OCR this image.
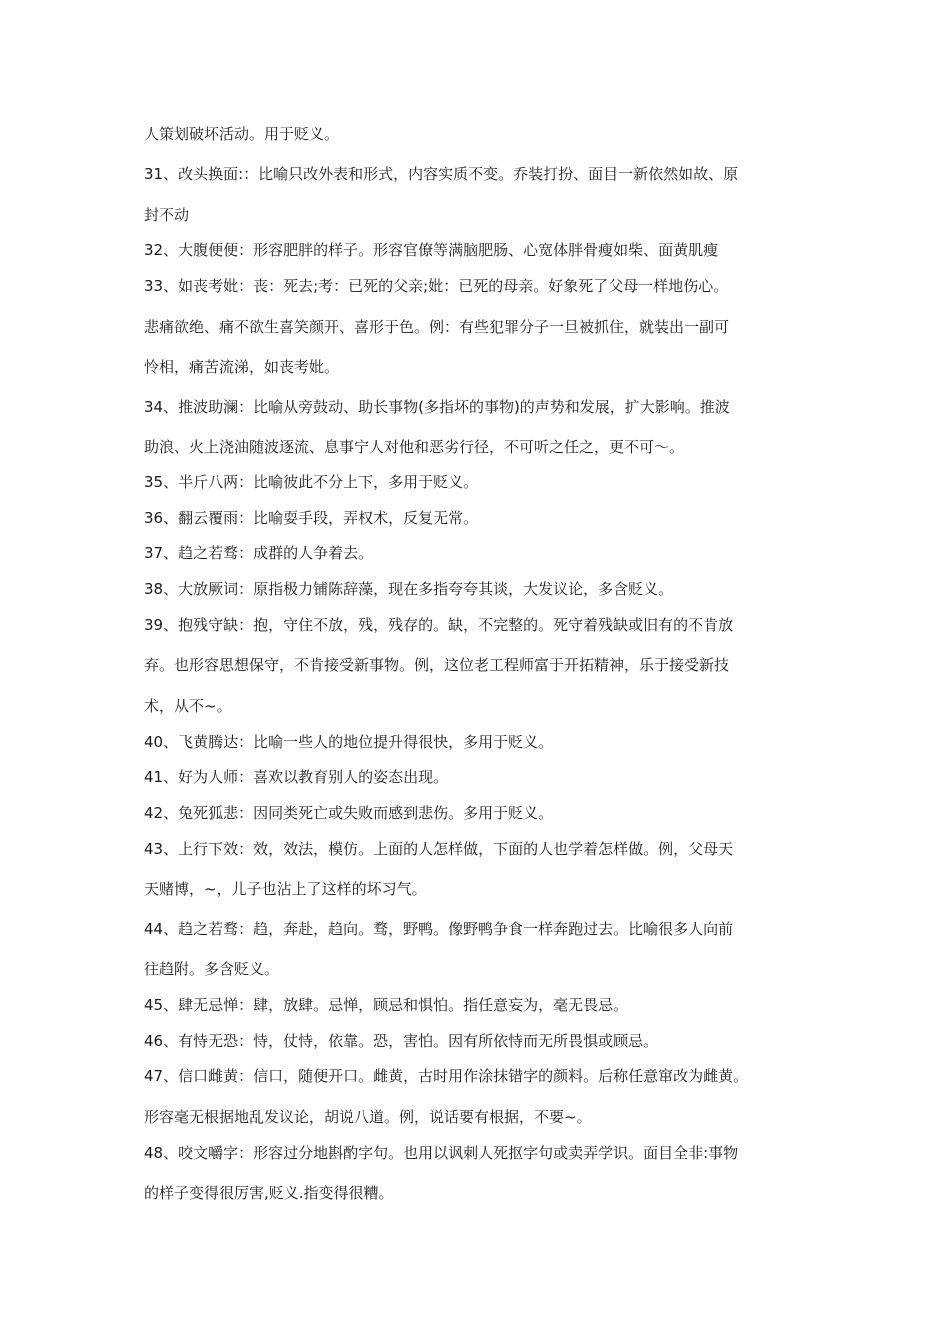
人策划破坏活动。用于贬义。
31、改头换面:：比喻只改外表和形式，内容实质不变。乔装打扮、面目一新依然如故、原
封不动
32、大腹便便：形容肥胖的样子。形容官僚等满脑肥肠、心宽体胖骨瘦如柴、面黄肌瘦
33、如丧考妣：丧：死去;考：已死的父亲;妣：已死的母亲。好象死了父母一样地伤心。
悲痛欲绝、痛不欲生喜笑颜开、喜形于色。例：有些犯罪分子一旦被抓住，就装出一副可
怜相，痛苦流涕，如丧考妣。
34、推波助澜：比喻从旁鼓动、助长事物(多指坏的事物)的声势和发展，扩大影响。推波
助浪、火上浇油随波逐流、息事宁人对他和恶劣行径，不可听之任之，更不可～。
35、半斤八两：比喻彼此不分上下，多用于贬义。
36、翻云覆雨：比喻耍手段，弄权术，反复无常。
37、趋之若骛：成群的人争着去。
38、大放厥词：原指极力铺陈辞藻，现在多指夸夸其谈，大发议论，多含贬义。
39、抱残守缺：抱，守住不放，残，残存的。缺，不完整的。死守着残缺或旧有的不肯放
弃。也形容思想保守，不肯接受新事物。例，这位老工程师富于开拓精神，乐于接受新技
术，从不~。
40、飞黄腾达：比喻一些人的地位提升得很快，多用于贬义。
41、好为人师：喜欢以教育别人的姿态出现。
42、兔死狐悲：因同类死亡或失败而感到悲伤。多用于贬义。
43、上行下效：效，效法，模仿。上面的人怎样做，下面的人也学着怎样做。例，父母天
天赌博，~，儿子也沾上了这样的坏习气。
44、趋之若骛：趋，奔赴，趋向。骛，野鸭。像野鸭争食一样奔跑过去。比喻很多人向前
往趋附。多含贬义。
45、肆无忌惮：肆，放肆。忌惮，顾忌和惧怕。指任意妄为，毫无畏忌。
46、有恃无恐：恃，仗恃，依靠。恐，害怕。因有所依恃而无所畏惧或顾忌。
47、信口雌黄：信口，随便开口。雌黄，古时用作涂抹错字的颜料。后称任意窜改为雌黄。
形容毫无根据地乱发议论，胡说八道。例，说话要有根据，不要~。
48、咬文嚼字：形容过分地斟酌字句。也用以讽刺人死抠字句或卖弄学识。面目全非:事物
的样子变得很厉害,贬义.指变得很糟。
